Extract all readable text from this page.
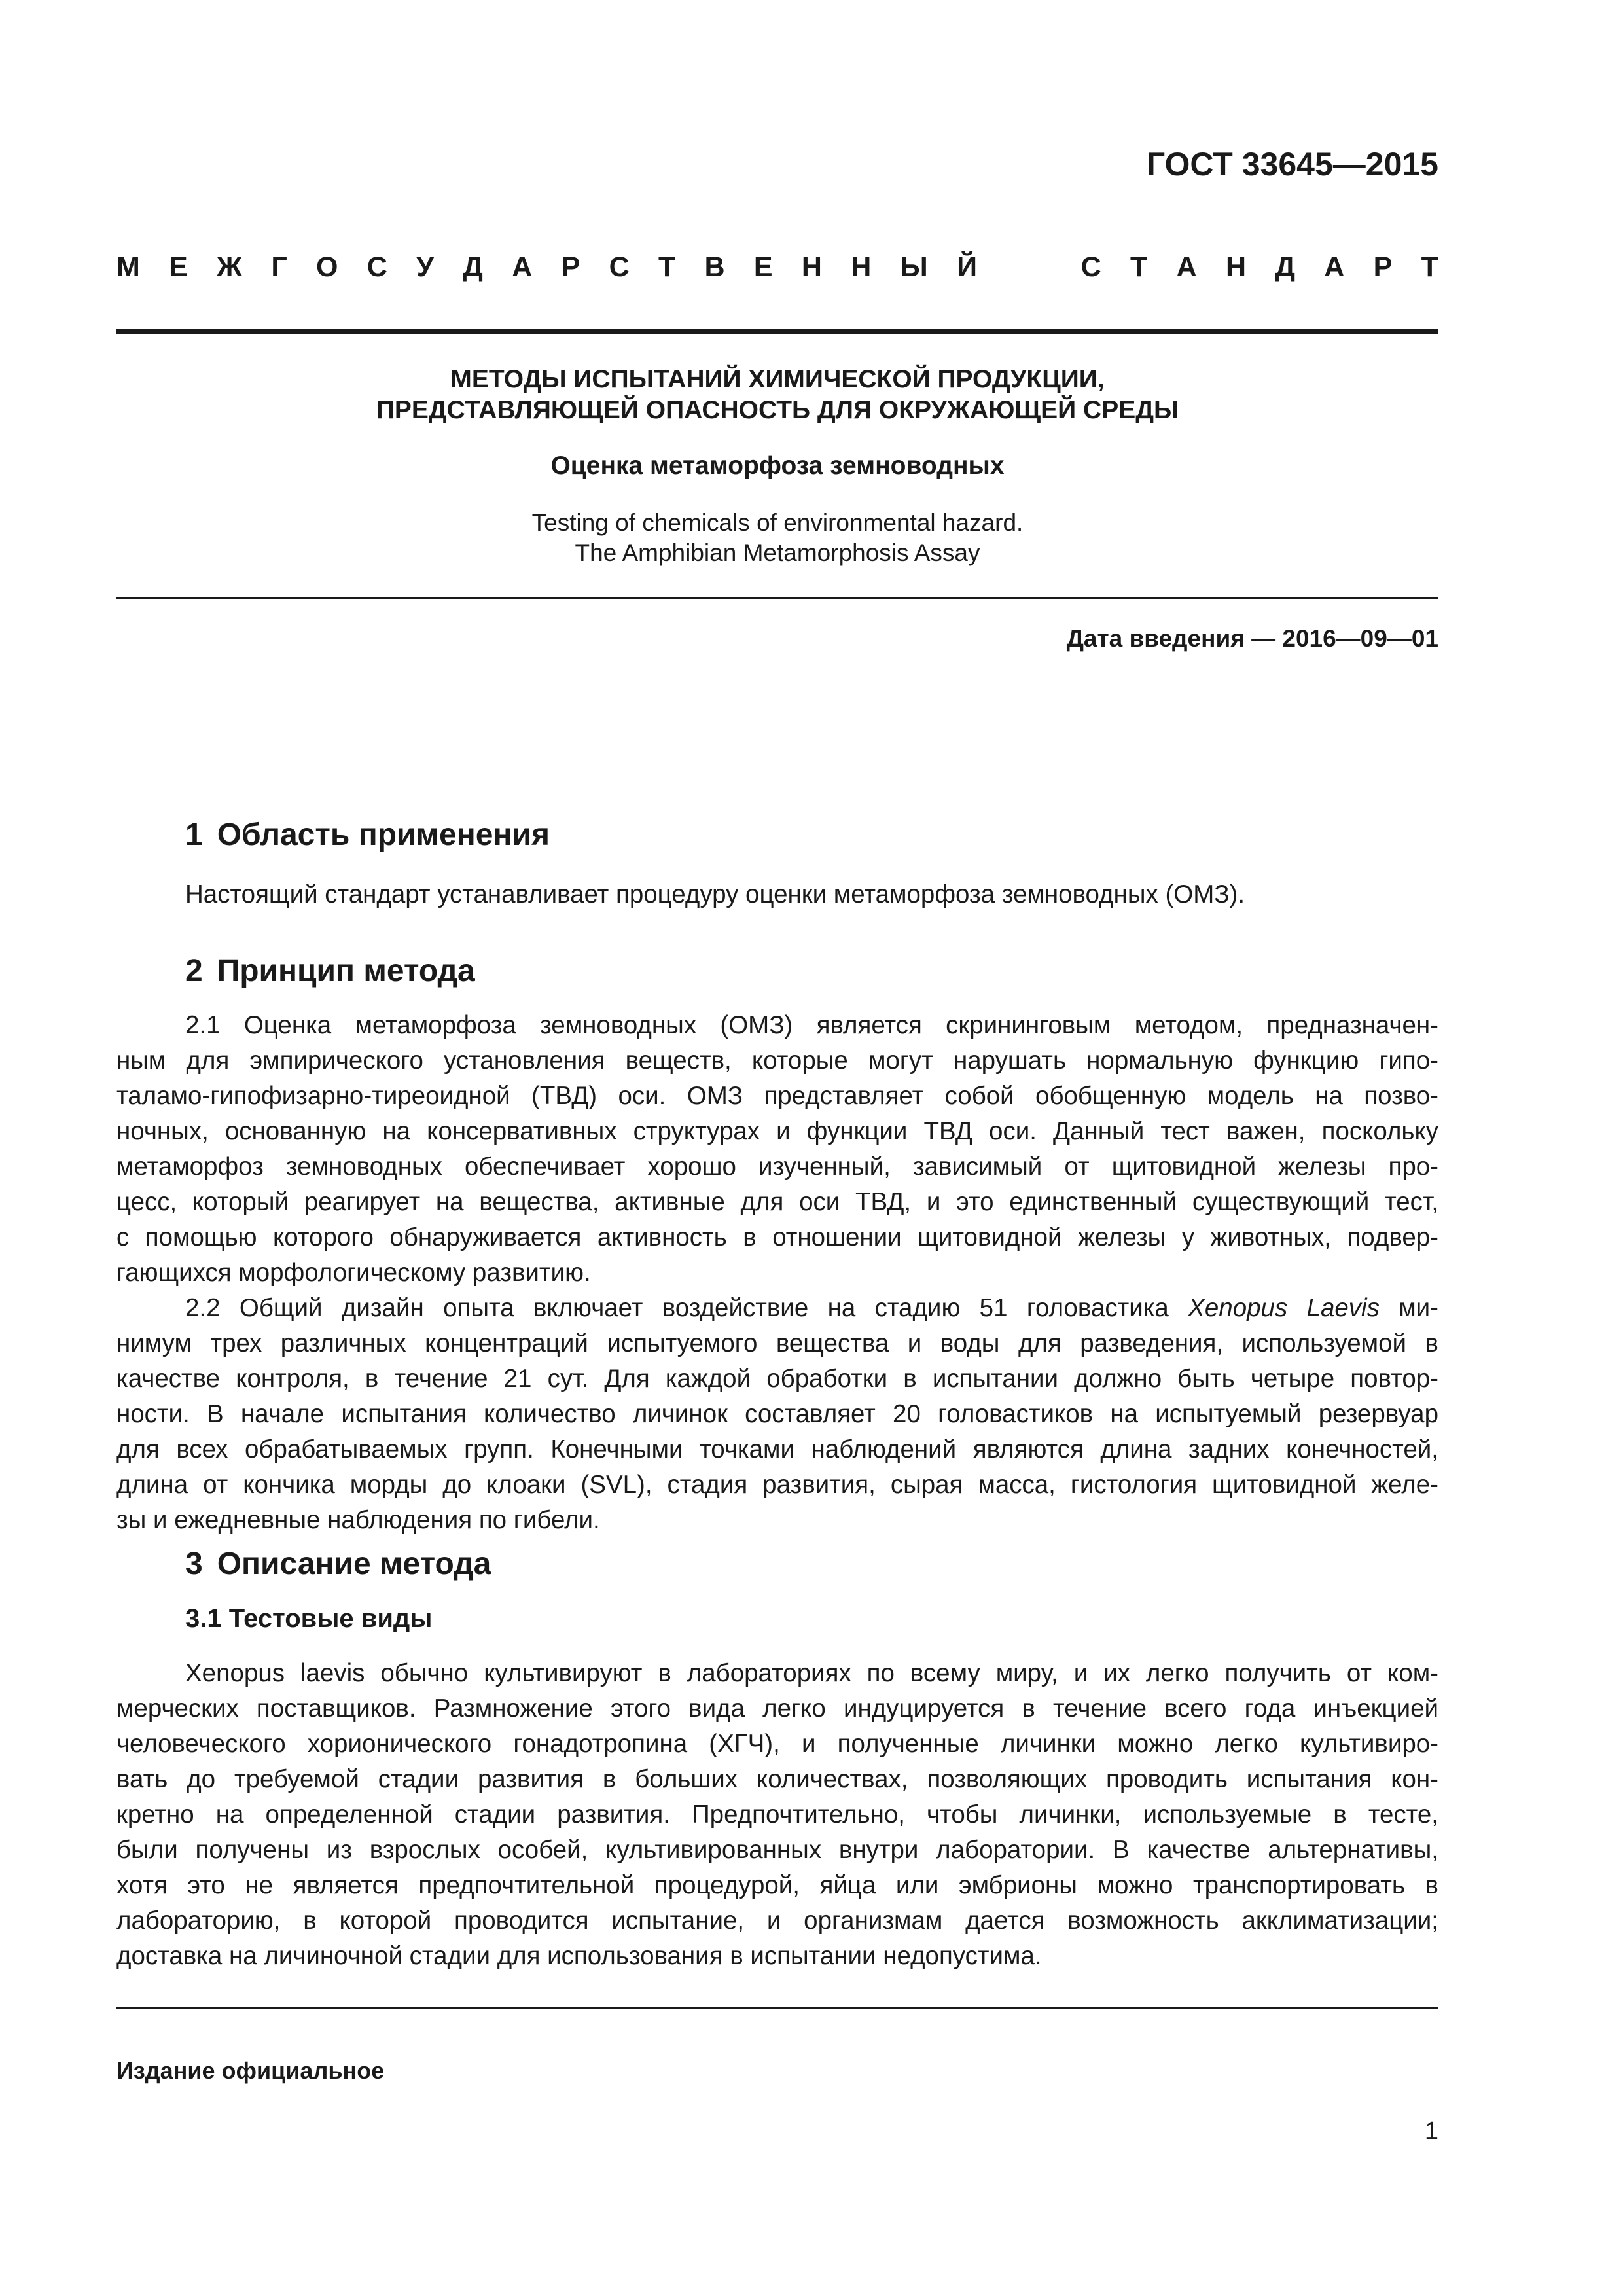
ГОСТ 33645—2015
М Е Ж Г О С У Д А Р С Т В Е Н Н Ы Й	С Т А Н Д А Р Т
МЕТОДЫ ИСПЫТАНИЙ ХИМИЧЕСКОЙ ПРОДУКЦИИ,
ПРЕДСТАВЛЯЮЩЕЙ ОПАСНОСТЬ ДЛЯ ОКРУЖАЮЩЕЙ СРЕДЫ
Оценка метаморфоза земноводных
Testing of chemicals of environmental hazard.
The Amphibian Metamorphosis Assay
Дата введения — 2016—09—01
1 Область применения
Настоящий стандарт устанавливает процедуру оценки метаморфоза земноводных (ОМЗ).
2 Принцип метода
2.1 Оценка метаморфоза земноводных (ОМЗ) является скрининговым методом, предназначен-
ным для эмпирического установления веществ, которые могут нарушать нормальную функцию гипо-
таламо-гипофизарно-тиреоидной (ТВД) оси. ОМЗ представляет собой обобщенную модель на позво-
ночных, основанную на консервативных структурах и функции ТВД оси. Данный тест важен, поскольку
метаморфоз земноводных обеспечивает хорошо изученный, зависимый от щитовидной железы про-
цесс, который реагирует на вещества, активные для оси ТВД, и это единственный существующий тест,
с помощью которого обнаруживается активность в отношении щитовидной железы у животных, подвер-
гающихся морфологическому развитию.
2.2 Общий дизайн опыта включает воздействие на стадию 51 головастика Xenopus Laevis ми-
нимум трех различных концентраций испытуемого вещества и воды для разведения, используемой в
качестве контроля, в течение 21 сут. Для каждой обработки в испытании должно быть четыре повтор-
ности. В начале испытания количество личинок составляет 20 головастиков на испытуемый резервуар
для всех обрабатываемых групп. Конечными точками наблюдений являются длина задних конечностей,
длина от кончика морды до клоаки (SVL), стадия развития, сырая масса, гистология щитовидной желе-
зы и ежедневные наблюдения по гибели.
3 Описание метода
3.1 Тестовые виды
Xenopus laevis обычно культивируют в лабораториях по всему миру, и их легко получить от ком-
мерческих поставщиков. Размножение этого вида легко индуцируется в течение всего года инъекцией
человеческого хорионического гонадотропина (ХГЧ), и полученные личинки можно легко культивиро-
вать до требуемой стадии развития в больших количествах, позволяющих проводить испытания кон-
кретно на определенной стадии развития. Предпочтительно, чтобы личинки, используемые в тесте,
были получены из взрослых особей, культивированных внутри лаборатории. В качестве альтернативы,
хотя это не является предпочтительной процедурой, яйца или эмбрионы можно транспортировать в
лабораторию, в которой проводится испытание, и организмам дается возможность акклиматизации;
доставка на личиночной стадии для использования в испытании недопустима.
Издание официальное
1
